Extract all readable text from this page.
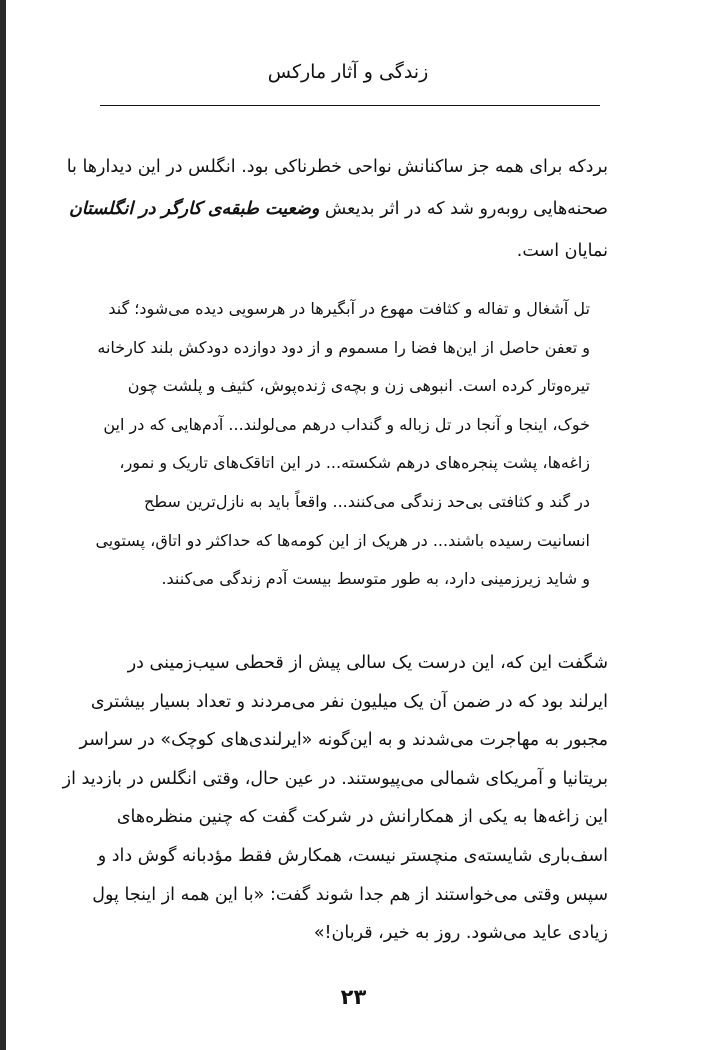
زندگی و آثار مارکس
بردکه برای همه جز ساکنانش نواحی خطرناکی بود. انگلس در این دیدارها با
صحنه‌هایی روبه‌رو شد که در اثر بدیعش وضعیت طبقه‌ی کارگر در انگلستان
نمایان است.
تل آشغال و تفاله و کثافت مهوع در آبگیرها در هرسویی دیده می‌شود؛ گند
و تعفن حاصل از این‌ها فضا را مسموم و از دود دوازده دودکش بلند کارخانه
تیره‌وتار کرده است. انبوهی زن و بچه‌ی ژنده‌پوش، کثیف و پلشت چون
خوک، اینجا و آنجا در تل زباله و گنداب درهم می‌لولند... آدم‌هایی که در این
زاغه‌ها، پشت پنجره‌های درهم شکسته... در این اتاقک‌های تاریک و نمور،
در گند و کثافتی بی‌حد زندگی می‌کنند... واقعاً باید به نازل‌ترین سطح
انسانیت رسیده باشند... در هریک از این کومه‌ها که حداکثر دو اتاق، پستویی
و شاید زیرزمینی دارد، به طور متوسط بیست آدم زندگی می‌کنند.
شگفت این که، این درست یک سالی پیش از قحطی سیب‌زمینی در
ایرلند بود که در ضمن آن یک میلیون نفر می‌مردند و تعداد بسیار بیشتری
مجبور به مهاجرت می‌شدند و به این‌گونه «ایرلندی‌های کوچک» در سراسر
بریتانیا و آمریکای شمالی می‌پیوستند. در عین حال، وقتی انگلس در بازدید از
این زاغه‌ها به یکی از همکارانش در شرکت گفت که چنین منظره‌های
اسف‌باری شایسته‌ی منچستر نیست، همکارش فقط مؤدبانه گوش داد و
سپس وقتی می‌خواستند از هم جدا شوند گفت: «با این همه از اینجا پول
زیادی عاید می‌شود. روز به خیر، قربان!»
۲۳
